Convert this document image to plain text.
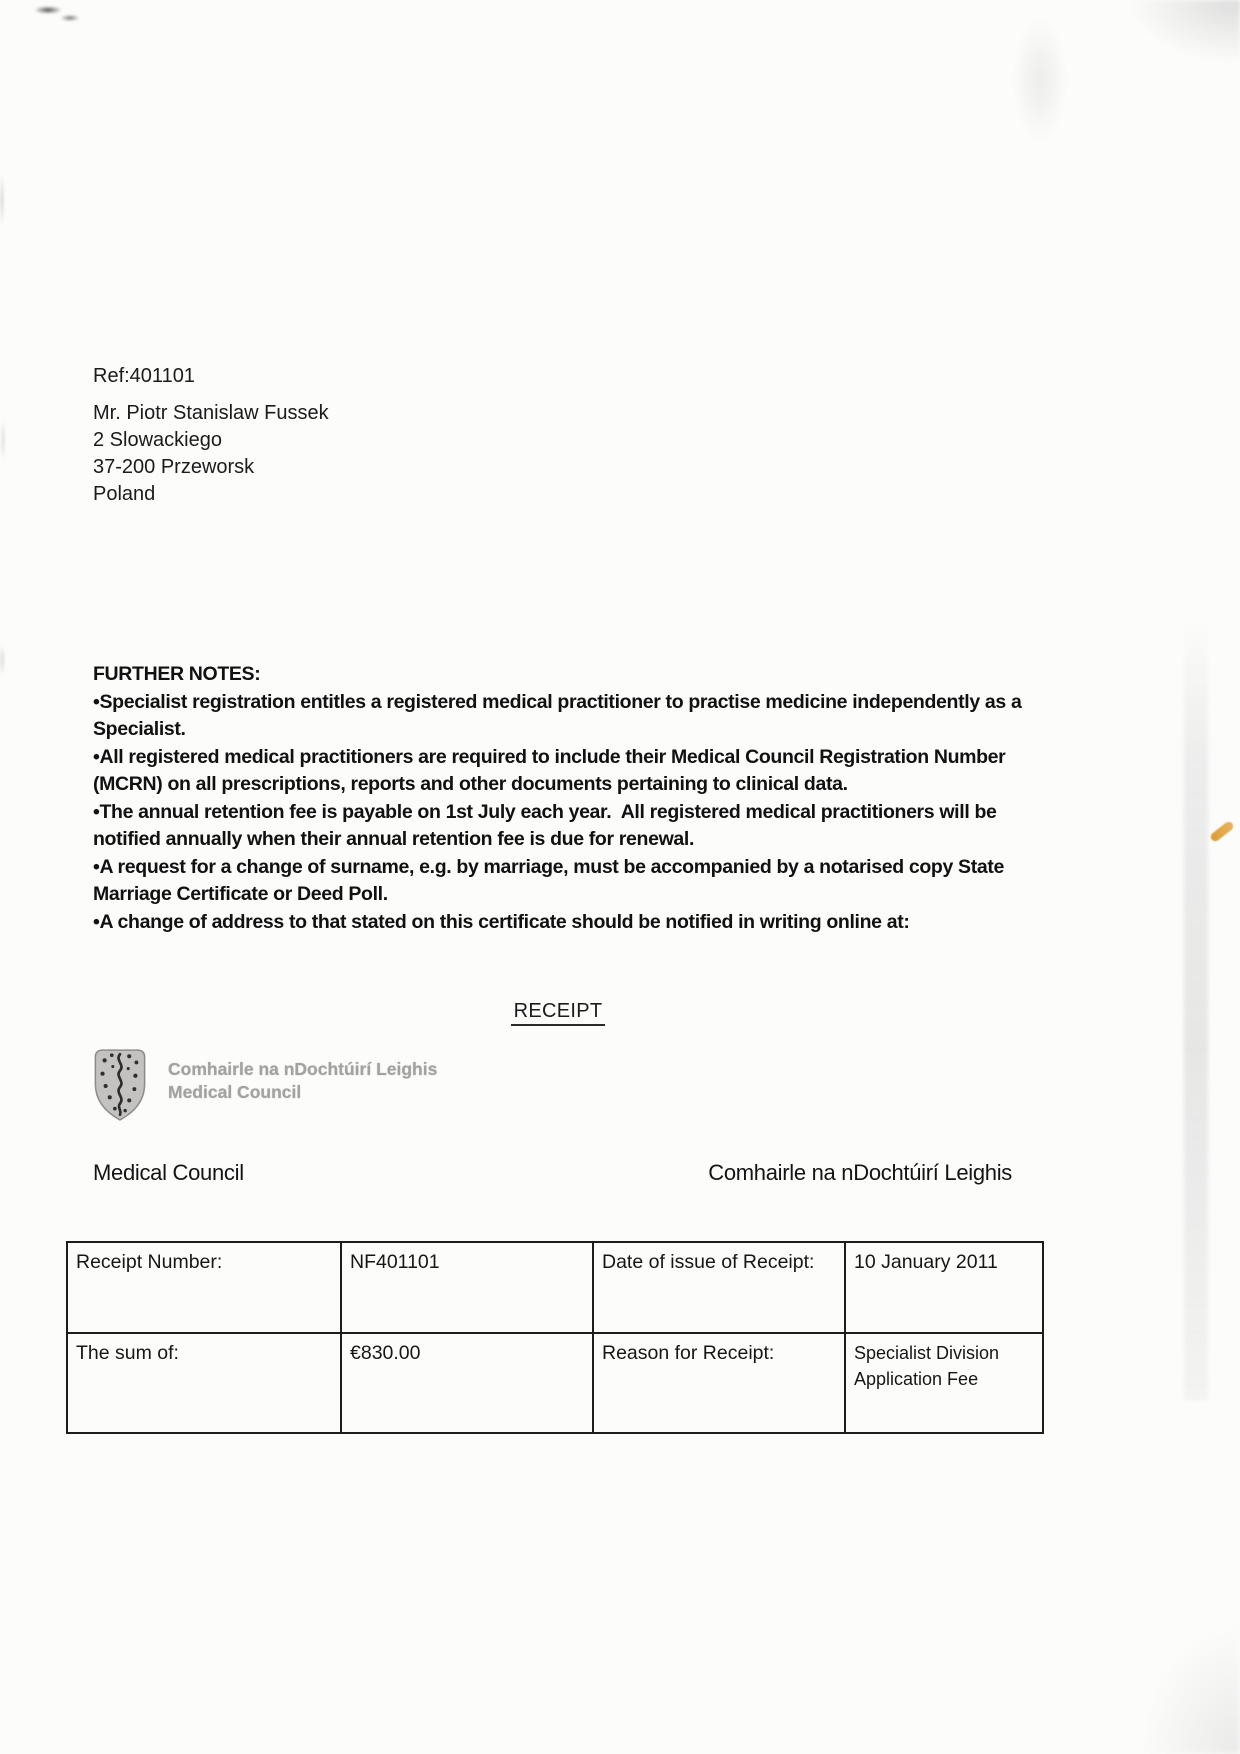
Ref:401101
Mr. Piotr Stanislaw Fussek
2 Slowackiego
37-200 Przeworsk
Poland
FURTHER NOTES:
•Specialist registration entitles a registered medical practitioner to practise medicine independently as a Specialist.
•All registered medical practitioners are required to include their Medical Council Registration Number (MCRN) on all prescriptions, reports and other documents pertaining to clinical data.
•The annual retention fee is payable on 1st July each year.  All registered medical practitioners will be notified annually when their annual retention fee is due for renewal.
•A request for a change of surname, e.g. by marriage, must be accompanied by a notarised copy State Marriage Certificate or Deed Poll.
•A change of address to that stated on this certificate should be notified in writing online at:
RECEIPT
Comhairle na nDochtúirí Leighis
Medical Council
Medical Council	Comhairle na nDochtúirí Leighis
Receipt Number:	NF401101	Date of issue of Receipt:	10 January 2011
The sum of:	€830.00	Reason for Receipt:	Specialist Division Application Fee
